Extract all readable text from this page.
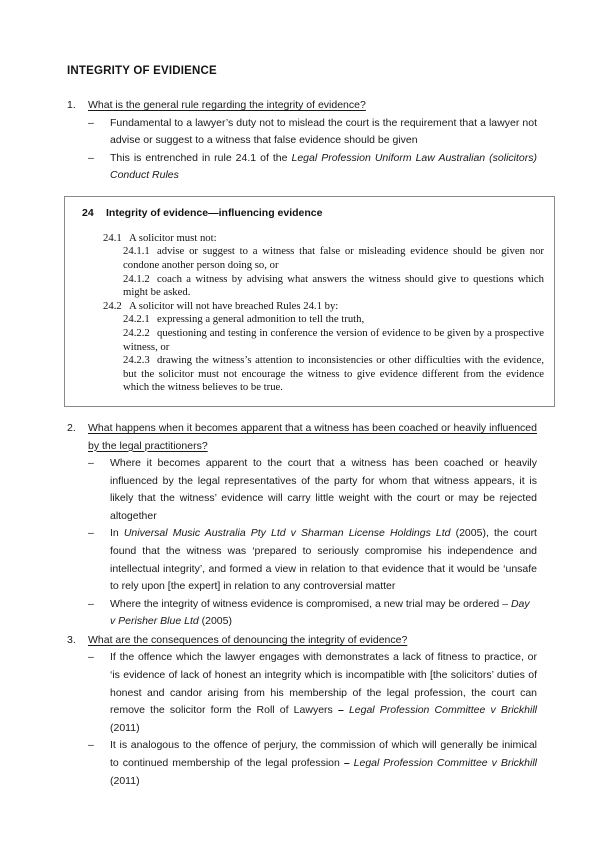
INTEGRITY OF EVIDIENCE
1.	What is the general rule regarding the integrity of evidence?
–	Fundamental to a lawyer’s duty not to mislead the court is the requirement that a lawyer not advise or suggest to a witness that false evidence should be given
–	This is entrenched in rule 24.1 of the Legal Profession Uniform Law Australian (solicitors) Conduct Rules
24 Integrity of evidence—influencing evidence

24.1 A solicitor must not:

24.1.1 advise or suggest to a witness that false or misleading evidence should be given nor condone another person doing so, or

24.1.2 coach a witness by advising what answers the witness should give to questions which might be asked.

24.2 A solicitor will not have breached Rules 24.1 by:

24.2.1 expressing a general admonition to tell the truth,

24.2.2 questioning and testing in conference the version of evidence to be given by a prospective witness, or

24.2.3 drawing the witness’s attention to inconsistencies or other difficulties with the evidence, but the solicitor must not encourage the witness to give evidence different from the evidence which the witness believes to be true.

2.	What happens when it becomes apparent that a witness has been coached or heavily influenced by the legal practitioners?
–	Where it becomes apparent to the court that a witness has been coached or heavily influenced by the legal representatives of the party for whom that witness appears, it is likely that the witness’ evidence will carry little weight with the court or may be rejected altogether
–	In Universal Music Australia Pty Ltd v Sharman License Holdings Ltd (2005), the court found that the witness was ‘prepared to seriously compromise his independence and intellectual integrity’, and formed a view in relation to that evidence that it would be ‘unsafe to rely upon [the expert] in relation to any controversial matter
–	Where the integrity of witness evidence is compromised, a new trial may be ordered – Day v Perisher Blue Ltd (2005)
3.	What are the consequences of denouncing the integrity of evidence?
–	If the offence which the lawyer engages with demonstrates a lack of fitness to practice, or ‘is evidence of lack of honest an integrity which is incompatible with [the solicitors’ duties of honest and candor arising from his membership of the legal profession, the court can remove the solicitor form the Roll of Lawyers – Legal Profession Committee v Brickhill (2011)
–	It is analogous to the offence of perjury, the commission of which will generally be inimical to continued membership of the legal profession – Legal Profession Committee v Brickhill (2011)
